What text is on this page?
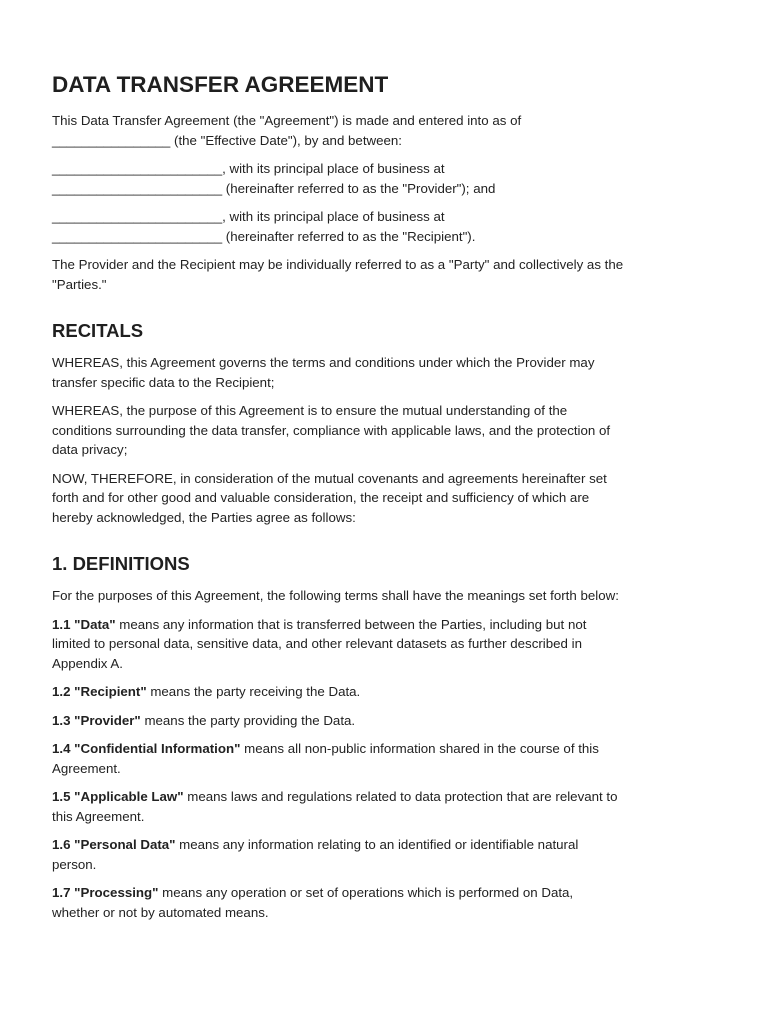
DATA TRANSFER AGREEMENT

This Data Transfer Agreement (the "Agreement") is made and entered into as of
________________ (the "Effective Date"), by and between:

_______________________, with its principal place of business at
_______________________ (hereinafter referred to as the "Provider"); and

_______________________, with its principal place of business at
_______________________ (hereinafter referred to as the "Recipient").

The Provider and the Recipient may be individually referred to as a "Party" and collectively as the
"Parties."

RECITALS

WHEREAS, this Agreement governs the terms and conditions under which the Provider may
transfer specific data to the Recipient;

WHEREAS, the purpose of this Agreement is to ensure the mutual understanding of the
conditions surrounding the data transfer, compliance with applicable laws, and the protection of
data privacy;

NOW, THEREFORE, in consideration of the mutual covenants and agreements hereinafter set
forth and for other good and valuable consideration, the receipt and sufficiency of which are
hereby acknowledged, the Parties agree as follows:

1. DEFINITIONS

For the purposes of this Agreement, the following terms shall have the meanings set forth below:

1.1 "Data" means any information that is transferred between the Parties, including but not
limited to personal data, sensitive data, and other relevant datasets as further described in
Appendix A.

1.2 "Recipient" means the party receiving the Data.

1.3 "Provider" means the party providing the Data.

1.4 "Confidential Information" means all non-public information shared in the course of this
Agreement.

1.5 "Applicable Law" means laws and regulations related to data protection that are relevant to
this Agreement.

1.6 "Personal Data" means any information relating to an identified or identifiable natural
person.

1.7 "Processing" means any operation or set of operations which is performed on Data,
whether or not by automated means.
